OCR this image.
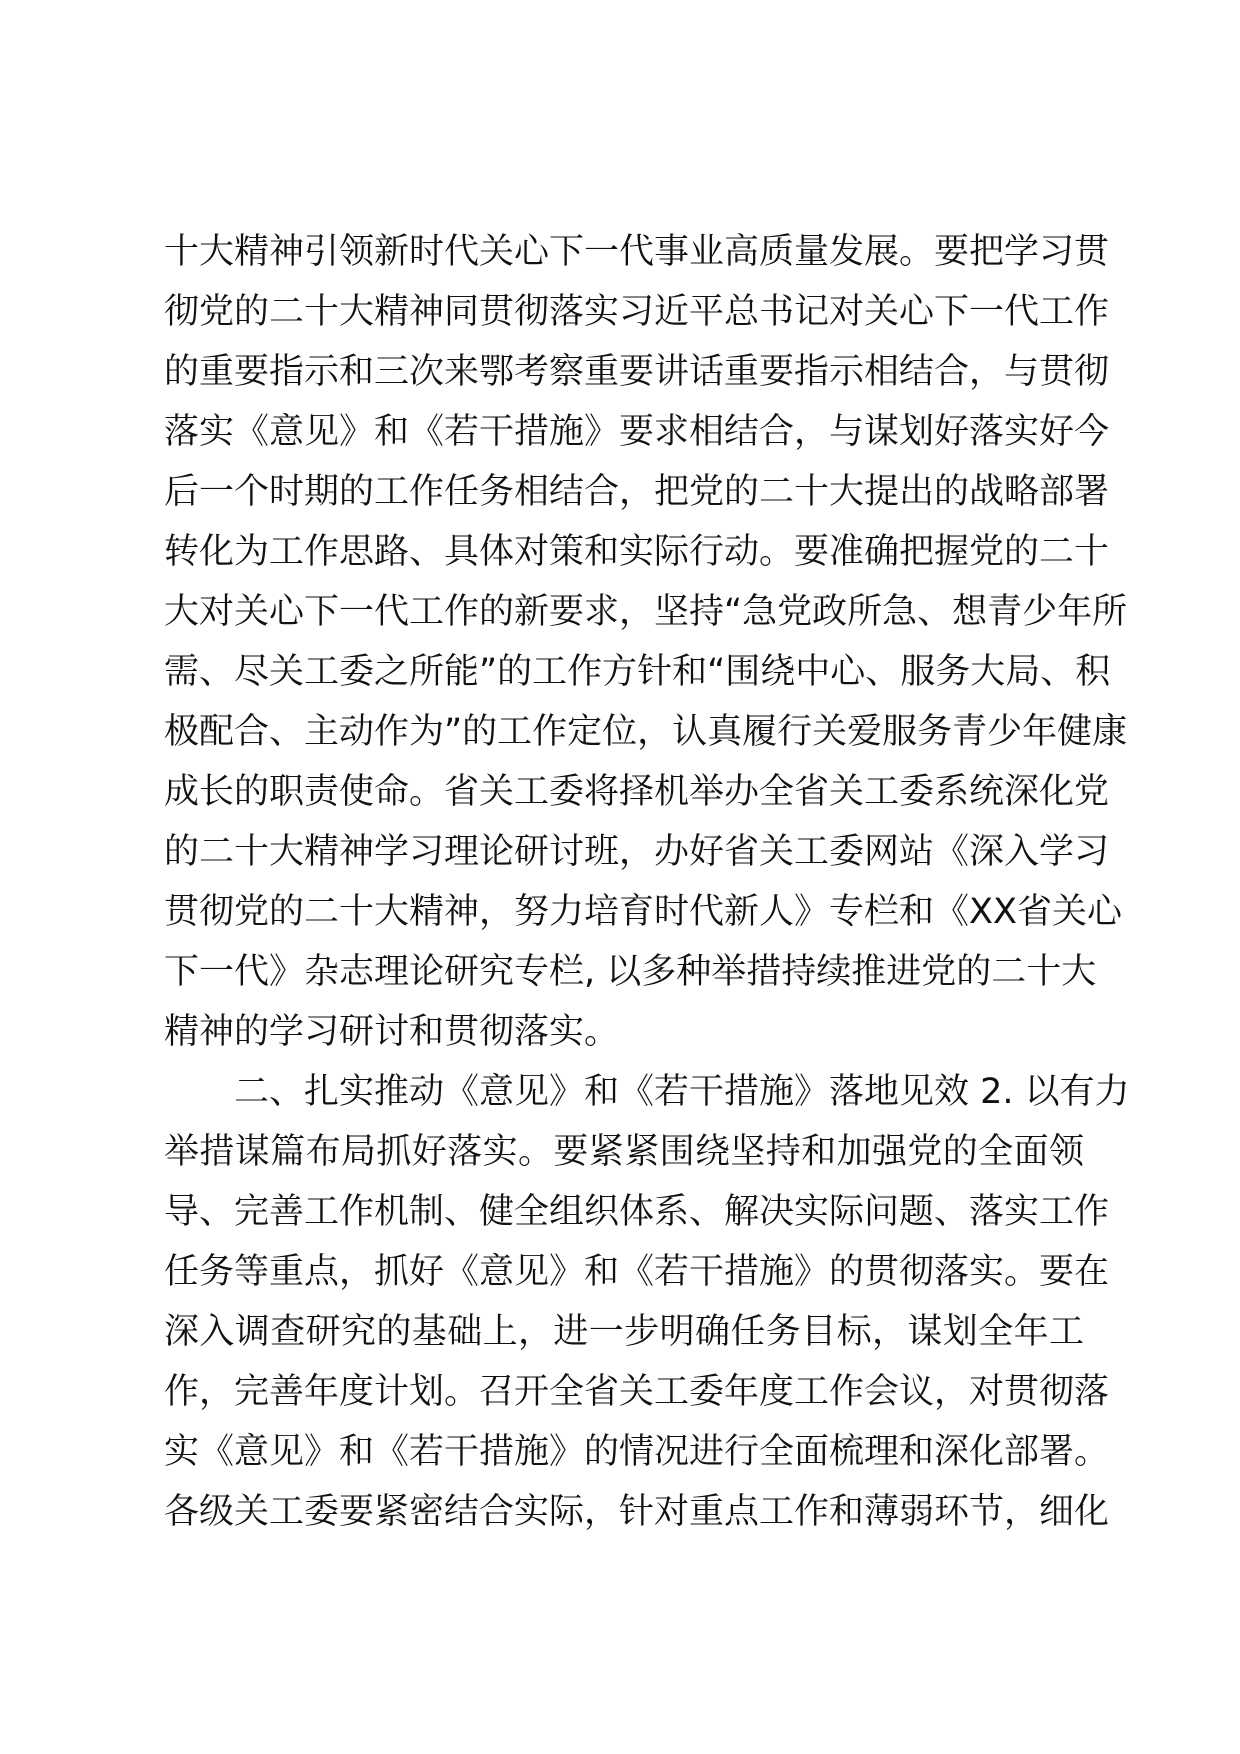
十大精神引领新时代关心下一代事业高质量发展。要把学习贯
彻党的二十大精神同贯彻落实习近平总书记对关心下一代工作
的重要指示和三次来鄂考察重要讲话重要指示相结合，与贯彻
落实《意见》和《若干措施》要求相结合，与谋划好落实好今
后一个时期的工作任务相结合，把党的二十大提出的战略部署
转化为工作思路、具体对策和实际行动。要准确把握党的二十
大对关心下一代工作的新要求，坚持“急党政所急、想青少年所
需、尽关工委之所能”的工作方针和“围绕中心、服务大局、积
极配合、主动作为”的工作定位，认真履行关爱服务青少年健康
成长的职责使命。省关工委将择机举办全省关工委系统深化党
的二十大精神学习理论研讨班，办好省关工委网站《深入学习
贯彻党的二十大精神，努力培育时代新人》专栏和《XX省关心
下一代》杂志理论研究专栏, 以多种举措持续推进党的二十大
精神的学习研讨和贯彻落实。
二、扎实推动《意见》和《若干措施》落地见效 2. 以有力
举措谋篇布局抓好落实。要紧紧围绕坚持和加强党的全面领
导、完善工作机制、健全组织体系、解决实际问题、落实工作
任务等重点，抓好《意见》和《若干措施》的贯彻落实。要在
深入调查研究的基础上，进一步明确任务目标，谋划全年工
作，完善年度计划。召开全省关工委年度工作会议，对贯彻落
实《意见》和《若干措施》的情况进行全面梳理和深化部署。
各级关工委要紧密结合实际，针对重点工作和薄弱环节，细化
